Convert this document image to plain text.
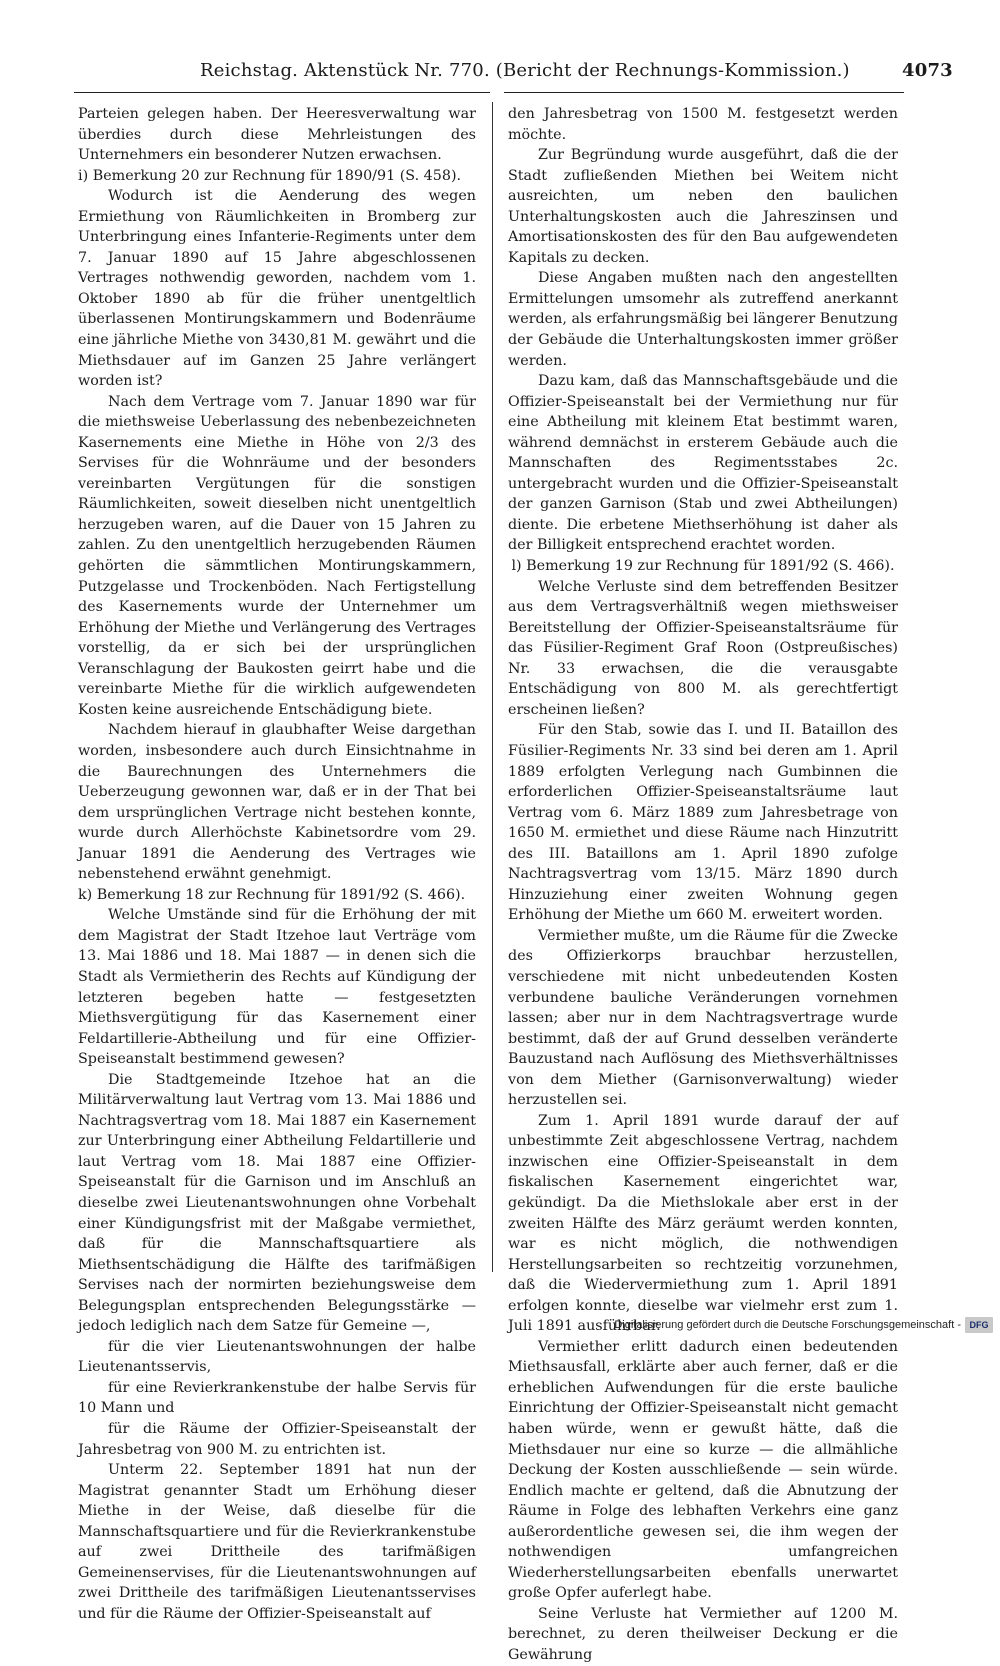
Reichstag. Aktenstück Nr. 770. (Bericht der Rechnungs-Kommission.)	4073

Parteien gelegen haben. Der Heeresverwaltung war überdies durch diese Mehrleistungen des Unternehmers ein besonderer Nutzen erwachsen.

i) Bemerkung 20 zur Rechnung für 1890/91 (S. 458).

Wodurch ist die Aenderung des wegen Ermiethung von Räumlichkeiten in Bromberg zur Unterbringung eines Infanterie-Regiments unter dem 7. Januar 1890 auf 15 Jahre abgeschlossenen Vertrages nothwendig geworden, nachdem vom 1. Oktober 1890 ab für die früher unentgeltlich überlassenen Montirungskammern und Bodenräume eine jährliche Miethe von 3430,81 M. gewährt und die Miethsdauer auf im Ganzen 25 Jahre verlängert worden ist?

Nach dem Vertrage vom 7. Januar 1890 war für die miethsweise Ueberlassung des nebenbezeichneten Kasernements eine Miethe in Höhe von 2/3 des Servises für die Wohnräume und der besonders vereinbarten Vergütungen für die sonstigen Räumlichkeiten, soweit dieselben nicht unentgeltlich herzugeben waren, auf die Dauer von 15 Jahren zu zahlen. Zu den unentgeltlich herzugebenden Räumen gehörten die sämmtlichen Montirungskammern, Putzgelasse und Trockenböden. Nach Fertigstellung des Kasernements wurde der Unternehmer um Erhöhung der Miethe und Verlängerung des Vertrages vorstellig, da er sich bei der ursprünglichen Veranschlagung der Baukosten geirrt habe und die vereinbarte Miethe für die wirklich aufgewendeten Kosten keine ausreichende Entschädigung biete.

Nachdem hierauf in glaubhafter Weise dargethan worden, insbesondere auch durch Einsichtnahme in die Baurechnungen des Unternehmers die Ueberzeugung gewonnen war, daß er in der That bei dem ursprünglichen Vertrage nicht bestehen konnte, wurde durch Allerhöchste Kabinetsordre vom 29. Januar 1891 die Aenderung des Vertrages wie nebenstehend erwähnt genehmigt.

k) Bemerkung 18 zur Rechnung für 1891/92 (S. 466).

Welche Umstände sind für die Erhöhung der mit dem Magistrat der Stadt Itzehoe laut Verträge vom 13. Mai 1886 und 18. Mai 1887 — in denen sich die Stadt als Vermietherin des Rechts auf Kündigung der letzteren begeben hatte — festgesetzten Miethsvergütigung für das Kasernement einer Feldartillerie-Abtheilung und für eine Offizier-Speiseanstalt bestimmend gewesen?

Die Stadtgemeinde Itzehoe hat an die Militärverwaltung laut Vertrag vom 13. Mai 1886 und Nachtragsvertrag vom 18. Mai 1887 ein Kasernement zur Unterbringung einer Abtheilung Feldartillerie und laut Vertrag vom 18. Mai 1887 eine Offizier-Speiseanstalt für die Garnison und im Anschluß an dieselbe zwei Lieutenantswohnungen ohne Vorbehalt einer Kündigungsfrist mit der Maßgabe vermiethet, daß für die Mannschaftsquartiere als Miethsentschädigung die Hälfte des tarifmäßigen Servises nach der normirten beziehungsweise dem Belegungsplan entsprechenden Belegungsstärke — jedoch lediglich nach dem Satze für Gemeine —,

für die vier Lieutenantswohnungen der halbe Lieutenantsservis,

für eine Revierkrankenstube der halbe Servis für 10 Mann und

für die Räume der Offizier-Speiseanstalt der Jahresbetrag von 900 M. zu entrichten ist.

Unterm 22. September 1891 hat nun der Magistrat genannter Stadt um Erhöhung dieser Miethe in der Weise, daß dieselbe für die Mannschaftsquartiere und für die Revierkrankenstube auf zwei Drittheile des tarifmäßigen Gemeinenservises, für die Lieutenantswohnungen auf zwei Drittheile des tarifmäßigen Lieutenantsservises und für die Räume der Offizier-Speiseanstalt auf

den Jahresbetrag von 1500 M. festgesetzt werden möchte.

Zur Begründung wurde ausgeführt, daß die der Stadt zufließenden Miethen bei Weitem nicht ausreichten, um neben den baulichen Unterhaltungskosten auch die Jahreszinsen und Amortisationskosten des für den Bau aufgewendeten Kapitals zu decken.

Diese Angaben mußten nach den angestellten Ermittelungen umsomehr als zutreffend anerkannt werden, als erfahrungsmäßig bei längerer Benutzung der Gebäude die Unterhaltungskosten immer größer werden.

Dazu kam, daß das Mannschaftsgebäude und die Offizier-Speiseanstalt bei der Vermiethung nur für eine Abtheilung mit kleinem Etat bestimmt waren, während demnächst in ersterem Gebäude auch die Mannschaften des Regimentsstabes 2c. untergebracht wurden und die Offizier-Speiseanstalt der ganzen Garnison (Stab und zwei Abtheilungen) diente. Die erbetene Miethserhöhung ist daher als der Billigkeit entsprechend erachtet worden.

l) Bemerkung 19 zur Rechnung für 1891/92 (S. 466).

Welche Verluste sind dem betreffenden Besitzer aus dem Vertragsverhältniß wegen miethsweiser Bereitstellung der Offizier-Speiseanstaltsräume für das Füsilier-Regiment Graf Roon (Ostpreußisches) Nr. 33 erwachsen, die die verausgabte Entschädigung von 800 M. als gerechtfertigt erscheinen ließen?

Für den Stab, sowie das I. und II. Bataillon des Füsilier-Regiments Nr. 33 sind bei deren am 1. April 1889 erfolgten Verlegung nach Gumbinnen die erforderlichen Offizier-Speiseanstaltsräume laut Vertrag vom 6. März 1889 zum Jahresbetrage von 1650 M. ermiethet und diese Räume nach Hinzutritt des III. Bataillons am 1. April 1890 zufolge Nachtragsvertrag vom 13/15. März 1890 durch Hinzuziehung einer zweiten Wohnung gegen Erhöhung der Miethe um 660 M. erweitert worden.

Vermiether mußte, um die Räume für die Zwecke des Offizierkorps brauchbar herzustellen, verschiedene mit nicht unbedeutenden Kosten verbundene bauliche Veränderungen vornehmen lassen; aber nur in dem Nachtragsvertrage wurde bestimmt, daß der auf Grund desselben veränderte Bauzustand nach Auflösung des Miethsverhältnisses von dem Miether (Garnisonverwaltung) wieder herzustellen sei.

Zum 1. April 1891 wurde darauf der auf unbestimmte Zeit abgeschlossene Vertrag, nachdem inzwischen eine Offizier-Speiseanstalt in dem fiskalischen Kasernement eingerichtet war, gekündigt. Da die Miethslokale aber erst in der zweiten Hälfte des März geräumt werden konnten, war es nicht möglich, die nothwendigen Herstellungsarbeiten so rechtzeitig vorzunehmen, daß die Wiedervermiethung zum 1. April 1891 erfolgen konnte, dieselbe war vielmehr erst zum 1. Juli 1891 ausführbar.

Vermiether erlitt dadurch einen bedeutenden Miethsausfall, erklärte aber auch ferner, daß er die erheblichen Aufwendungen für die erste bauliche Einrichtung der Offizier-Speiseanstalt nicht gemacht haben würde, wenn er gewußt hätte, daß die Miethsdauer nur eine so kurze — die allmähliche Deckung der Kosten ausschließende — sein würde. Endlich machte er geltend, daß die Abnutzung der Räume in Folge des lebhaften Verkehrs eine ganz außerordentliche gewesen sei, die ihm wegen der nothwendigen umfangreichen Wiederherstellungsarbeiten ebenfalls unerwartet große Opfer auferlegt habe.

Seine Verluste hat Vermiether auf 1200 M. berechnet, zu deren theilweiser Deckung er die Gewährung

Digitalisierung gefördert durch die Deutsche Forschungsgemeinschaft - DFG
